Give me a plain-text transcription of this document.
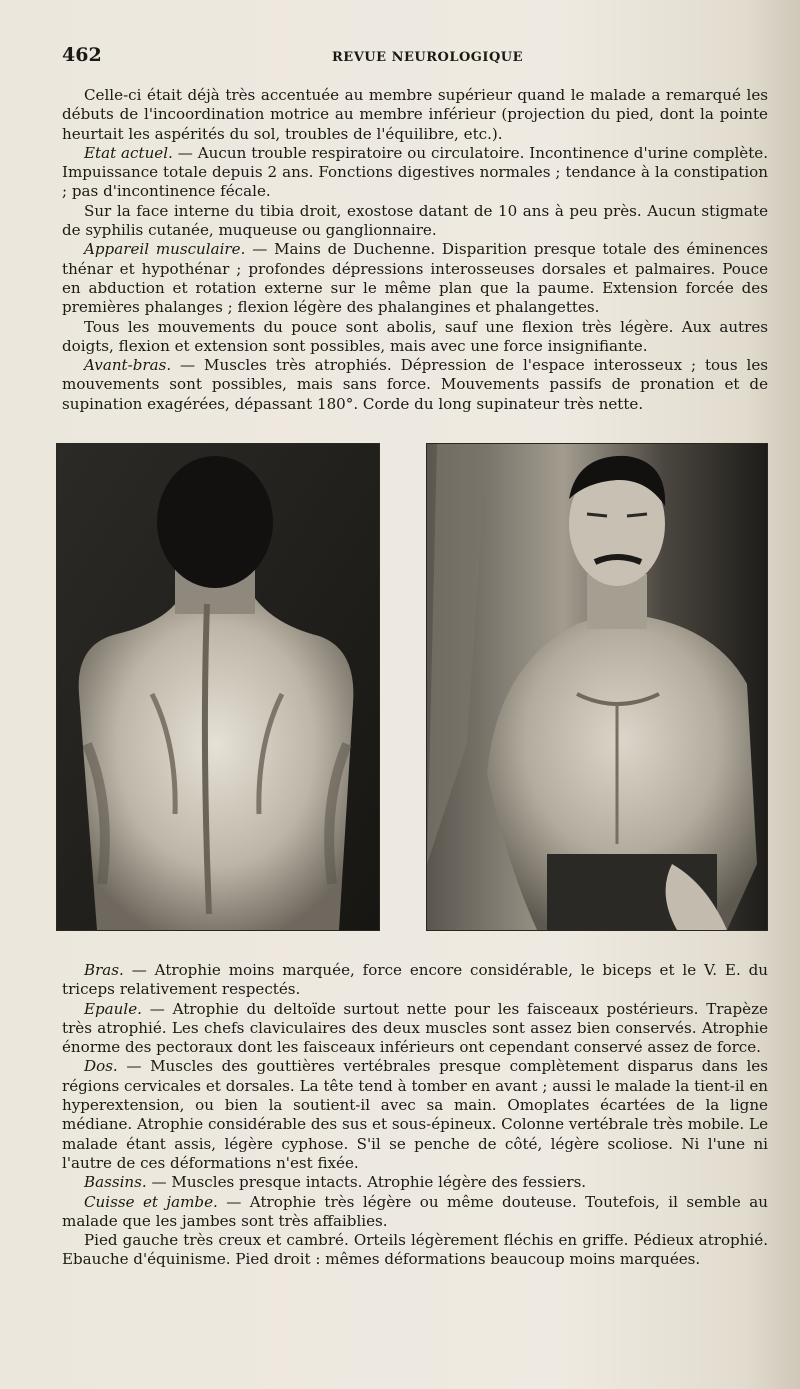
462	REVUE NEUROLOGIQUE

Celle-ci était déjà très accentuée au membre supérieur quand le malade a remarqué les débuts de l'incoordination motrice au membre inférieur (projection du pied, dont la pointe heurtait les aspérités du sol, troubles de l'équilibre, etc.).

Etat actuel. — Aucun trouble respiratoire ou circulatoire. Incontinence d'urine complète. Impuissance totale depuis 2 ans. Fonctions digestives normales ; tendance à la constipation ; pas d'incontinence fécale.

Sur la face interne du tibia droit, exostose datant de 10 ans à peu près. Aucun stigmate de syphilis cutanée, muqueuse ou ganglionnaire.

Appareil musculaire. — Mains de Duchenne. Disparition presque totale des éminences thénar et hypothénar ; profondes dépressions interosseuses dorsales et palmaires. Pouce en abduction et rotation externe sur le même plan que la paume. Extension forcée des premières phalanges ; flexion légère des phalangines et phalangettes.

Tous les mouvements du pouce sont abolis, sauf une flexion très légère. Aux autres doigts, flexion et extension sont possibles, mais avec une force insignifiante.

Avant-bras. — Muscles très atrophiés. Dépression de l'espace interosseux ; tous les mouvements sont possibles, mais sans force. Mouvements passifs de pronation et de supination exagérées, dépassant 180°. Corde du long supinateur très nette.

Bras. — Atrophie moins marquée, force encore considérable, le biceps et le V. E. du triceps relativement respectés.

Epaule. — Atrophie du deltoïde surtout nette pour les faisceaux postérieurs. Trapèze très atrophié. Les chefs claviculaires des deux muscles sont assez bien conservés. Atrophie énorme des pectoraux dont les faisceaux inférieurs ont cependant conservé assez de force.

Dos. — Muscles des gouttières vertébrales presque complètement disparus dans les régions cervicales et dorsales. La tête tend à tomber en avant ; aussi le malade la tient-il en hyperextension, ou bien la soutient-il avec sa main. Omoplates écartées de la ligne médiane. Atrophie considérable des sus et sous-épineux. Colonne vertébrale très mobile. Le malade étant assis, légère cyphose. S'il se penche de côté, légère scoliose. Ni l'une ni l'autre de ces déformations n'est fixée.

Bassins. — Muscles presque intacts. Atrophie légère des fessiers.

Cuisse et jambe. — Atrophie très légère ou même douteuse. Toutefois, il semble au malade que les jambes sont très affaiblies.

Pied gauche très creux et cambré. Orteils légèrement fléchis en griffe. Pédieux atrophié. Ebauche d'équinisme. Pied droit : mêmes déformations beaucoup moins marquées.
